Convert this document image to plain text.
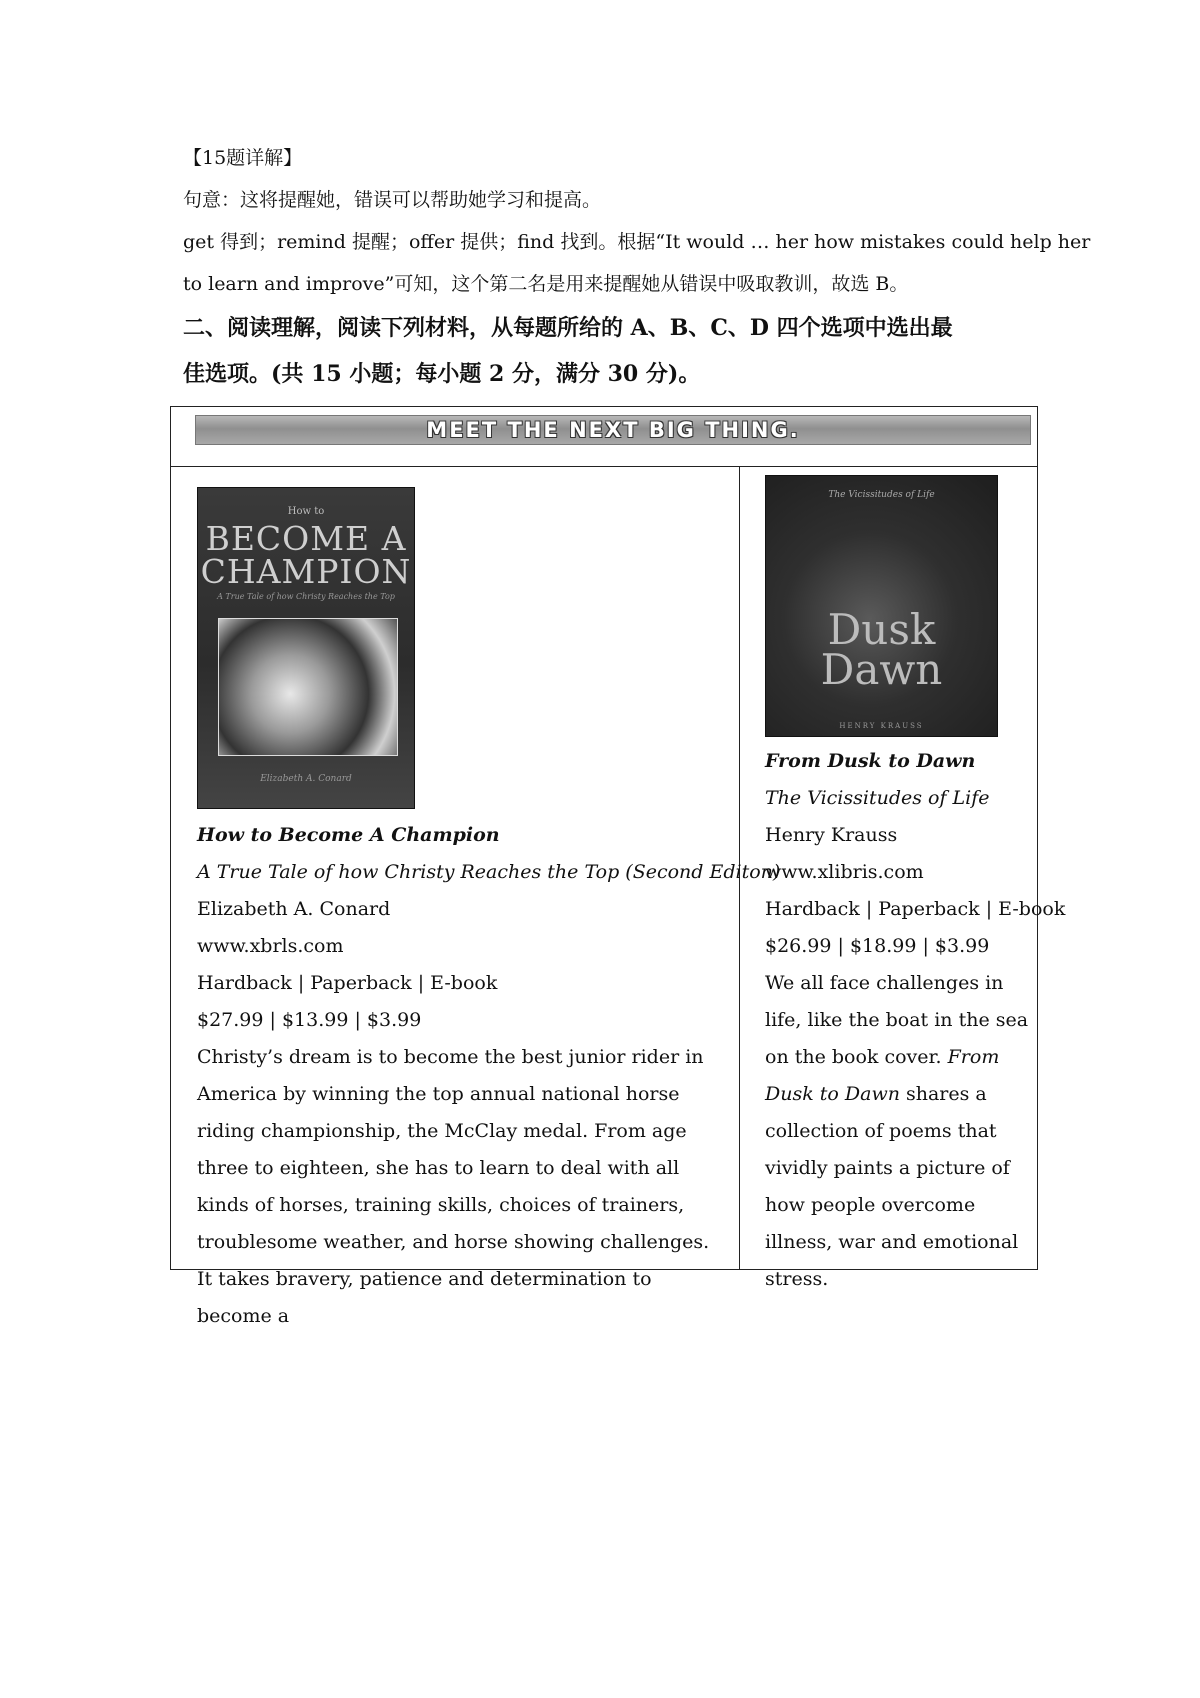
【15题详解】
句意：这将提醒她，错误可以帮助她学习和提高。
get 得到；remind 提醒；offer 提供；find 找到。根据“It would … her how mistakes could help her
to learn and improve”可知，这个第二名是用来提醒她从错误中吸取教训，故选 B。
二、阅读理解，阅读下列材料，从每题所给的 A、B、C、D 四个选项中选出最
佳选项。(共 15 小题；每小题 2 分，满分 30 分)。
MEET THE NEXT BIG THING.
How to
BECOME A
CHAMPION
A True Tale of how Christy Reaches the Top
Elizabeth A. Conard
How to Become A Champion
A True Tale of how Christy Reaches the Top (Second Editon)
Elizabeth A. Conard
www.xbrls.com
Hardback | Paperback | E-book
$27.99 | $13.99 | $3.99
Christy’s dream is to become the best junior rider in America by winning the top annual national horse riding championship, the McClay medal. From age three to eighteen, she has to learn to deal with all kinds of horses, training skills, choices of trainers, troublesome weather, and horse showing challenges. It takes bravery, patience and determination to become a
The Vicissitudes of Life
Dusk
Dawn
HENRY KRAUSS
From Dusk to Dawn
The Vicissitudes of Life
Henry Krauss
www.xlibris.com
Hardback | Paperback | E-book
$26.99 | $18.99 | $3.99
We all face challenges in life, like the boat in the sea on the book cover. From Dusk to Dawn shares a collection of poems that vividly paints a picture of how people overcome illness, war and emotional stress.
